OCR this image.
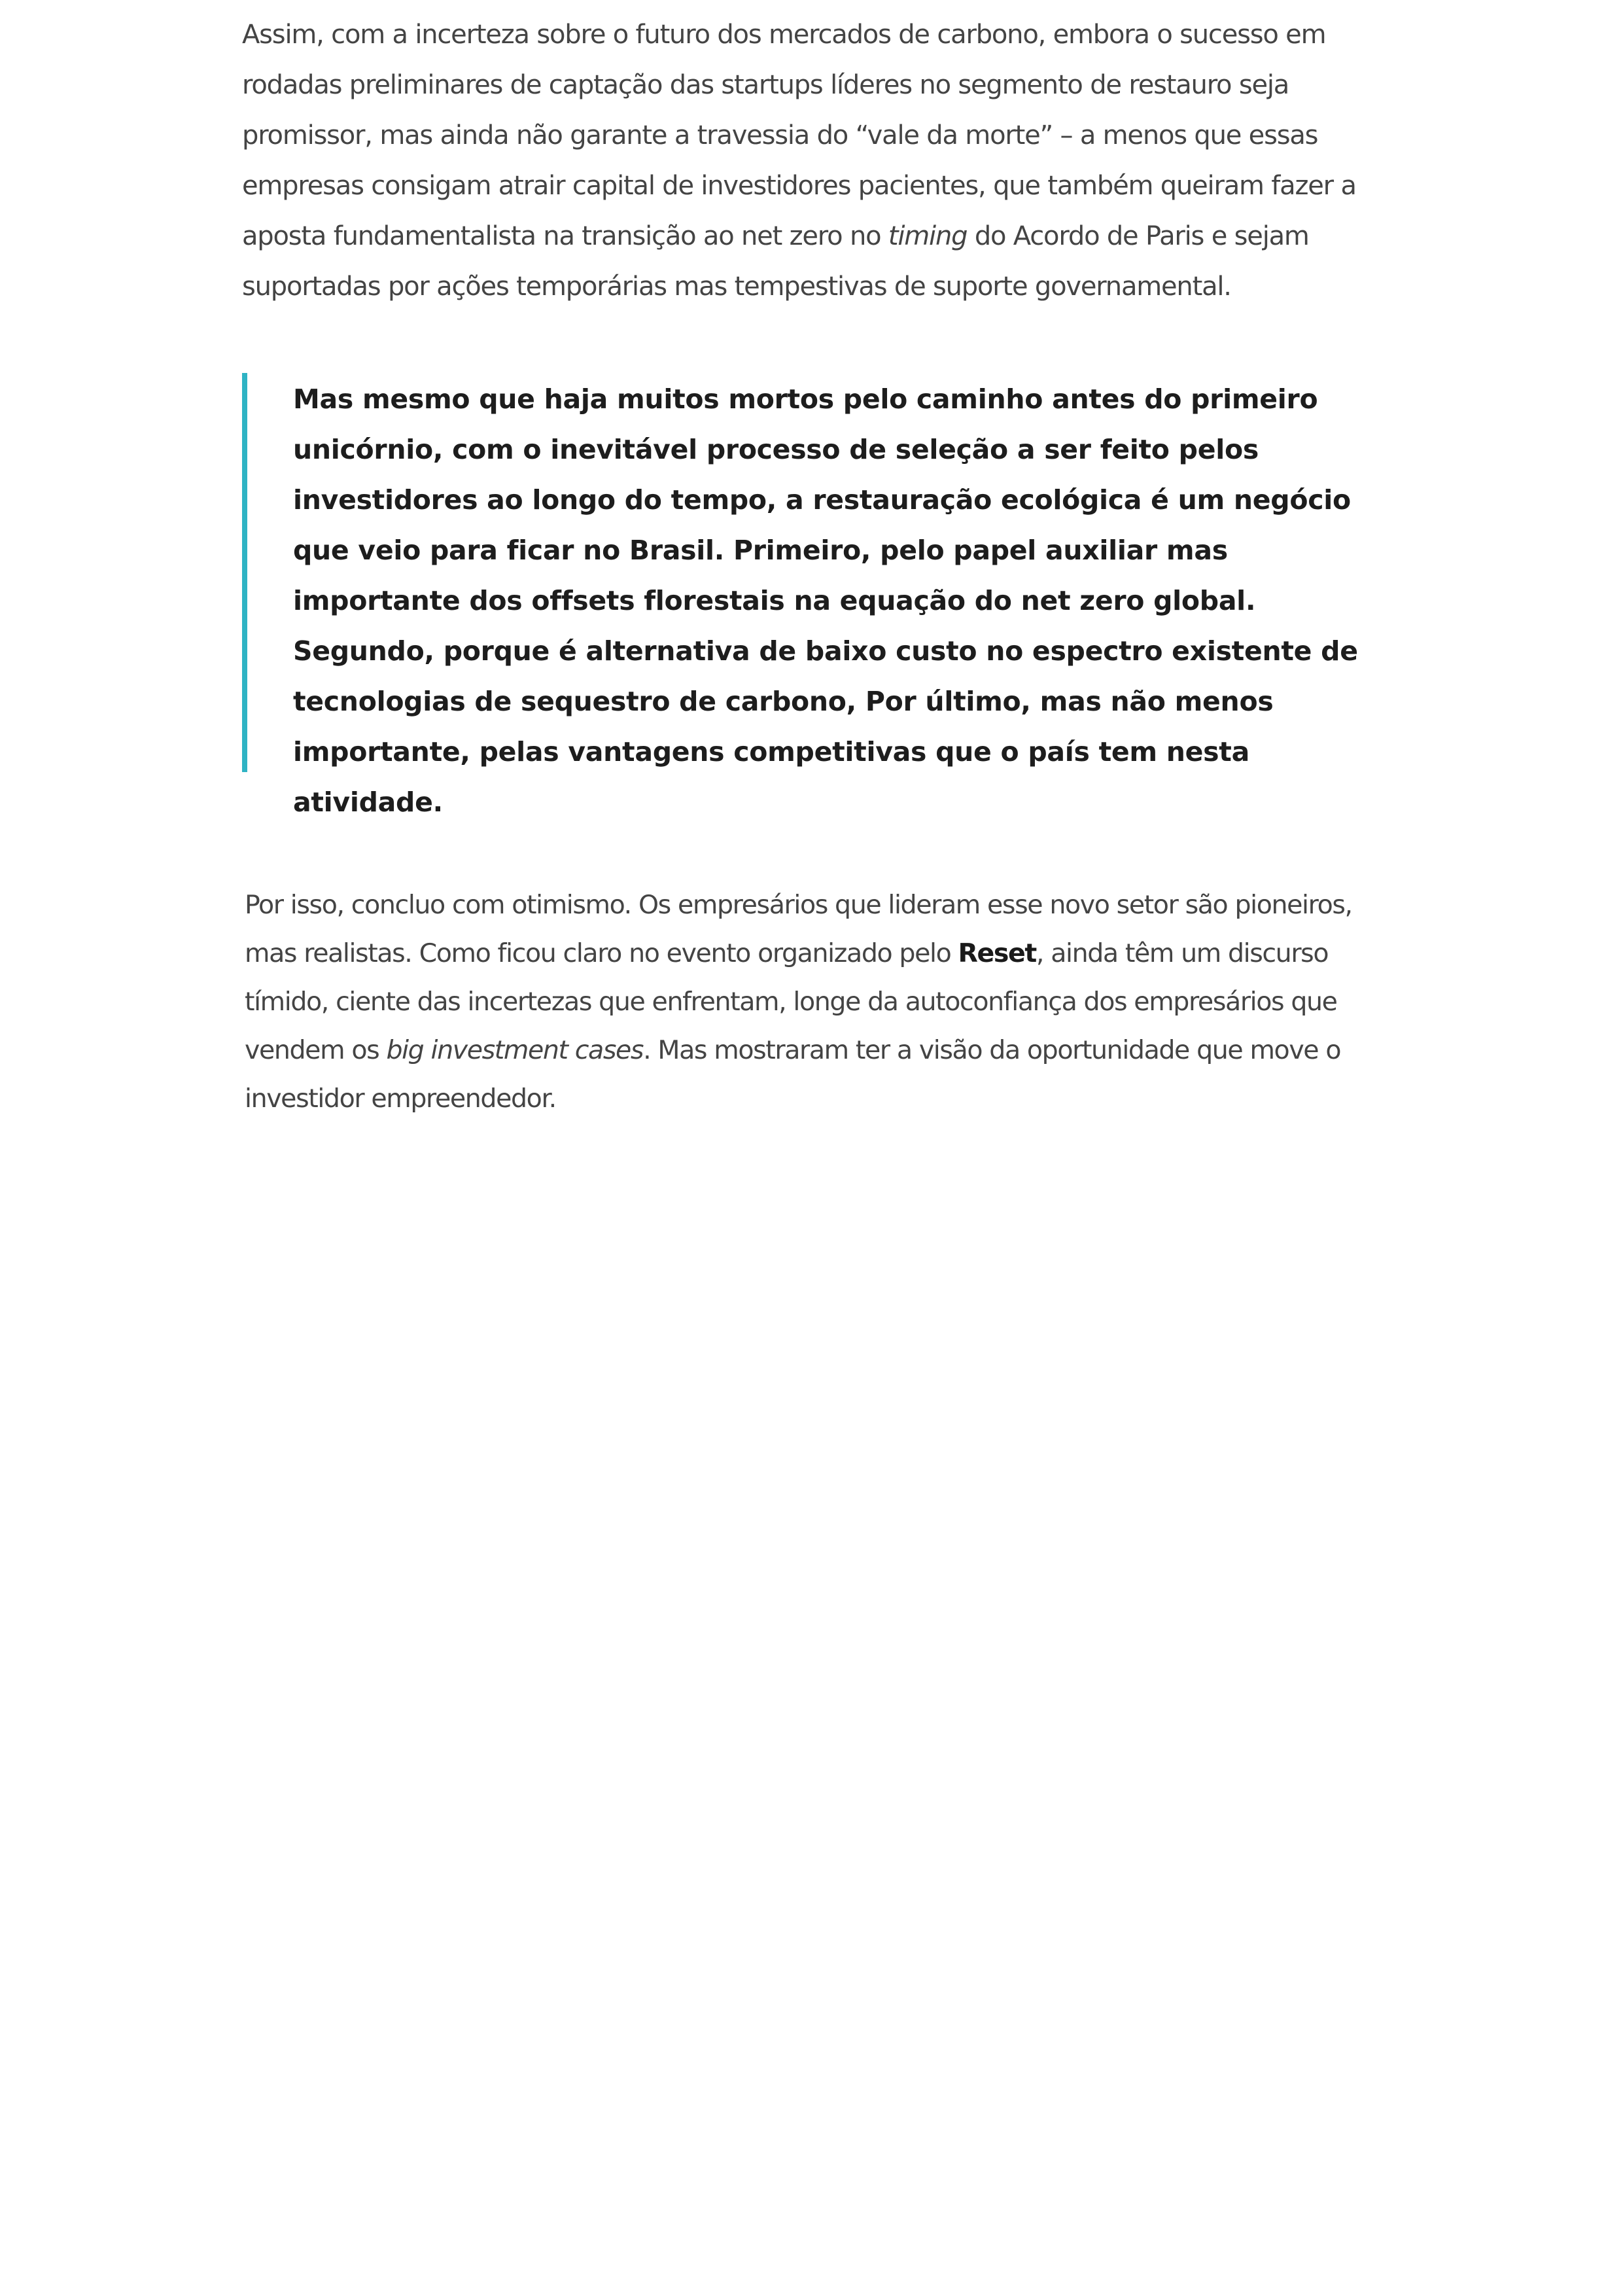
Assim, com a incerteza sobre o futuro dos mercados de carbono, embora o sucesso em rodadas preliminares de captação das startups líderes no segmento de restauro seja promissor, mas ainda não garante a travessia do “vale da morte” – a menos que essas empresas consigam atrair capital de investidores pacientes, que também queiram fazer a aposta fundamentalista na transição ao net zero no timing do Acordo de Paris e sejam suportadas por ações temporárias mas tempestivas de suporte governamental.

Mas mesmo que haja muitos mortos pelo caminho antes do primeiro unicórnio, com o inevitável processo de seleção a ser feito pelos investidores ao longo do tempo, a restauração ecológica é um negócio que veio para ficar no Brasil. Primeiro, pelo papel auxiliar mas importante dos offsets florestais na equação do net zero global. Segundo, porque é alternativa de baixo custo no espectro existente de tecnologias de sequestro de carbono, Por último, mas não menos importante, pelas vantagens competitivas que o país tem nesta atividade.

Por isso, concluo com otimismo. Os empresários que lideram esse novo setor são pioneiros, mas realistas. Como ficou claro no evento organizado pelo Reset, ainda têm um discurso tímido, ciente das incertezas que enfrentam, longe da autoconfiança dos empresários que vendem os big investment cases. Mas mostraram ter a visão da oportunidade que move o investidor empreendedor.
